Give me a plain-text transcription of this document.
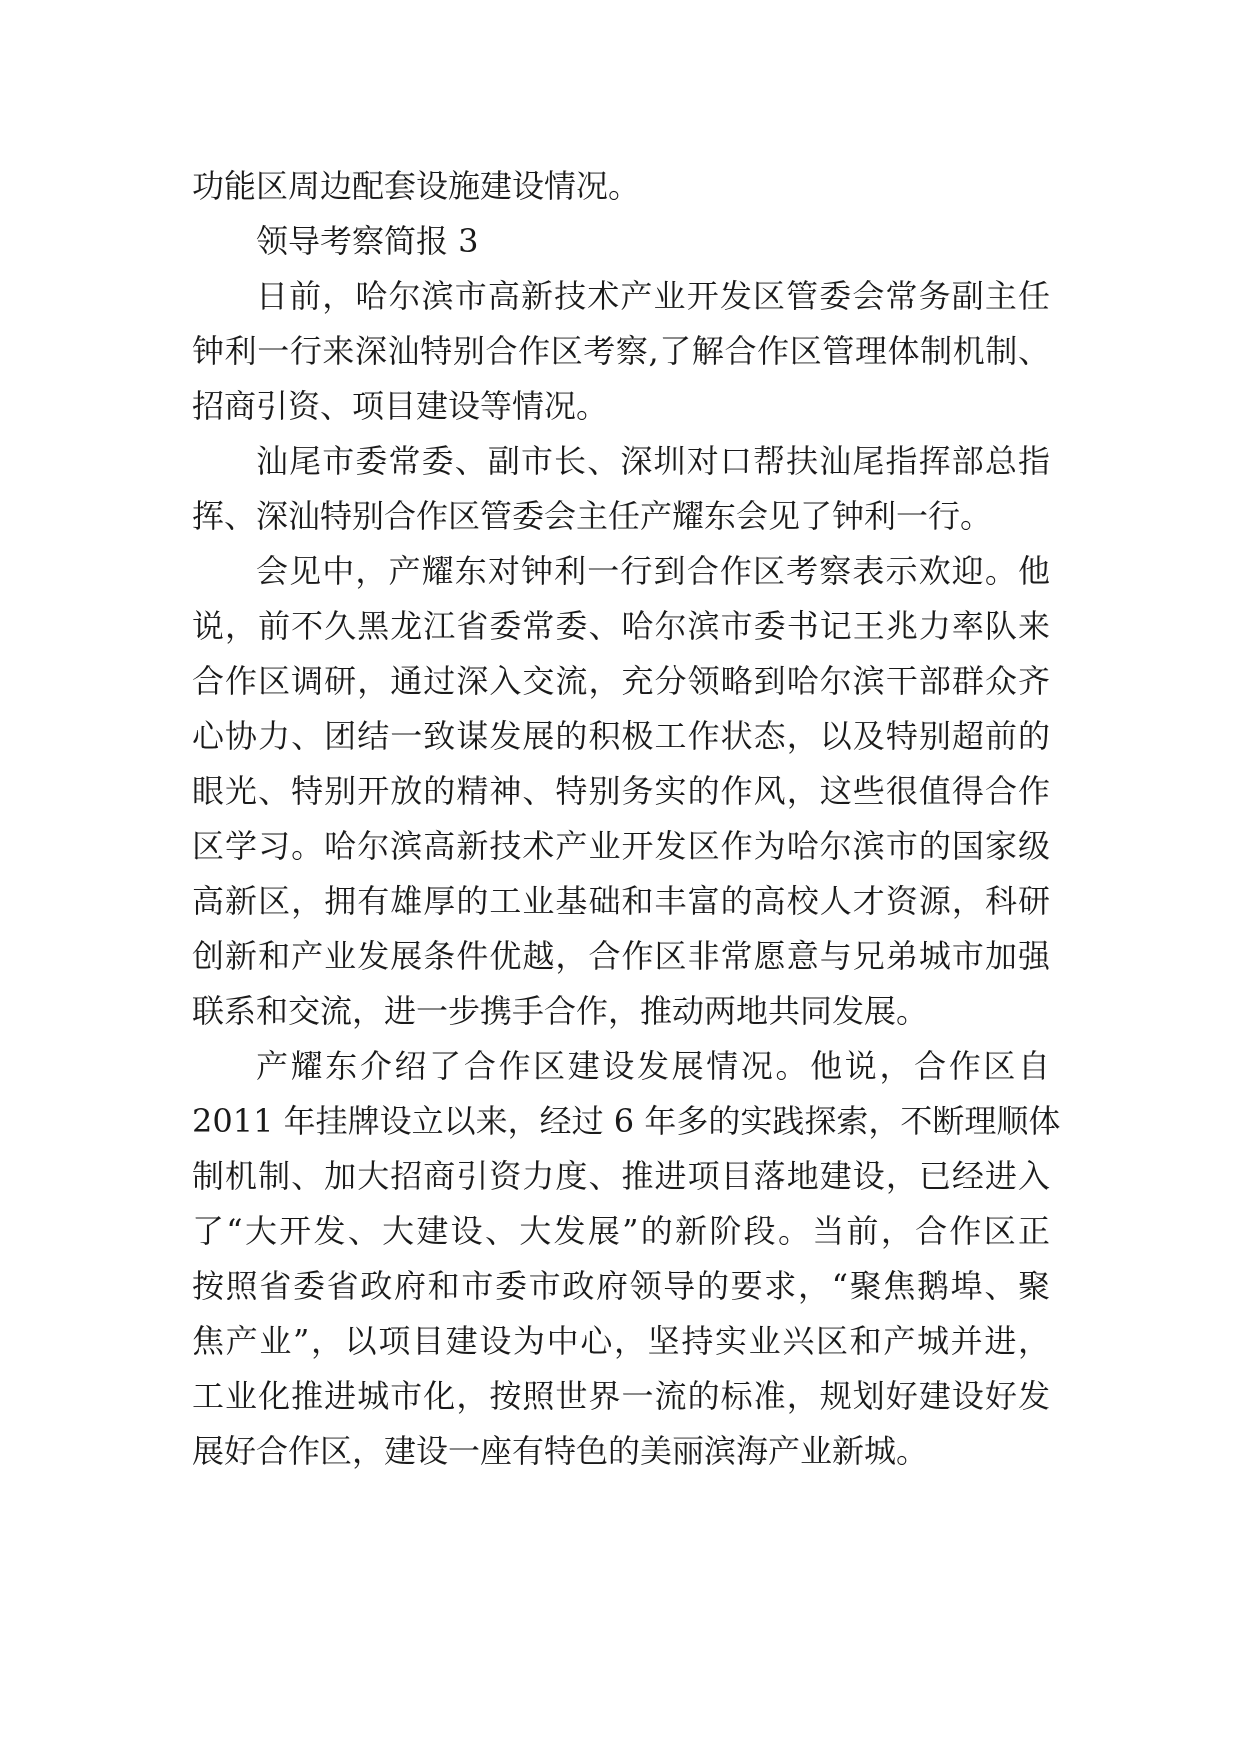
功能区周边配套设施建设情况。
领导考察简报 3
日前，哈尔滨市高新技术产业开发区管委会常务副主任
钟利一行来深汕特别合作区考察,了解合作区管理体制机制、
招商引资、项目建设等情况。
汕尾市委常委、副市长、深圳对口帮扶汕尾指挥部总指
挥、深汕特别合作区管委会主任产耀东会见了钟利一行。
会见中，产耀东对钟利一行到合作区考察表示欢迎。他
说，前不久黑龙江省委常委、哈尔滨市委书记王兆力率队来
合作区调研，通过深入交流，充分领略到哈尔滨干部群众齐
心协力、团结一致谋发展的积极工作状态，以及特别超前的
眼光、特别开放的精神、特别务实的作风，这些很值得合作
区学习。哈尔滨高新技术产业开发区作为哈尔滨市的国家级
高新区，拥有雄厚的工业基础和丰富的高校人才资源，科研
创新和产业发展条件优越，合作区非常愿意与兄弟城市加强
联系和交流，进一步携手合作，推动两地共同发展。
产耀东介绍了合作区建设发展情况。他说，合作区自
2011 年挂牌设立以来，经过 6 年多的实践探索，不断理顺体
制机制、加大招商引资力度、推进项目落地建设，已经进入
了“大开发、大建设、大发展”的新阶段。当前，合作区正
按照省委省政府和市委市政府领导的要求，“聚焦鹅埠、聚
焦产业”，以项目建设为中心，坚持实业兴区和产城并进，
工业化推进城市化，按照世界一流的标准，规划好建设好发
展好合作区，建设一座有特色的美丽滨海产业新城。
